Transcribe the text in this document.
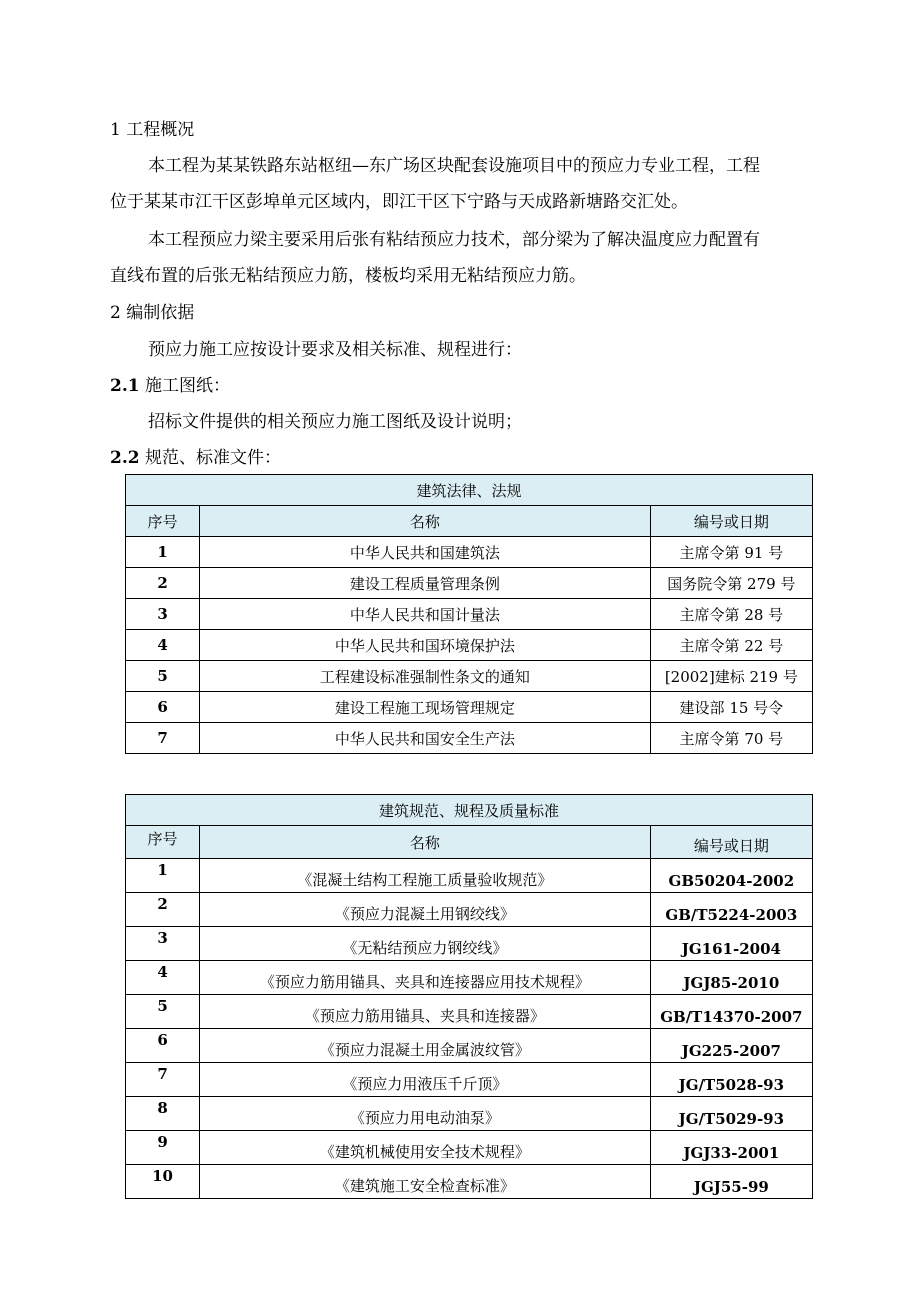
1 工程概况
本工程为某某铁路东站枢纽—东广场区块配套设施项目中的预应力专业工程，工程
位于某某市江干区彭埠单元区域内，即江干区下宁路与天成路新塘路交汇处。
本工程预应力梁主要采用后张有粘结预应力技术，部分梁为了解决温度应力配置有
直线布置的后张无粘结预应力筋，楼板均采用无粘结预应力筋。
2 编制依据
预应力施工应按设计要求及相关标准、规程进行：
2.1 施工图纸：
招标文件提供的相关预应力施工图纸及设计说明；
2.2 规范、标准文件：
建筑法律、法规		
序号	名称	编号或日期
1	中华人民共和国建筑法	主席令第 91 号
2	建设工程质量管理条例	国务院令第 279 号
3	中华人民共和国计量法	主席令第 28 号
4	中华人民共和国环境保护法	主席令第 22 号
5	工程建设标准强制性条文的通知	[2002]建标 219 号
6	建设工程施工现场管理规定	建设部 15 号令
7	中华人民共和国安全生产法	主席令第 70 号
建筑规范、规程及质量标准		
序号	名称	编号或日期
1	《混凝土结构工程施工质量验收规范》	GB50204-2002
2	《预应力混凝土用钢绞线》	GB/T5224-2003
3	《无粘结预应力钢绞线》	JG161-2004
4	《预应力筋用锚具、夹具和连接器应用技术规程》	JGJ85-2010
5	《预应力筋用锚具、夹具和连接器》	GB/T14370-2007
6	《预应力混凝土用金属波纹管》	JG225-2007
7	《预应力用液压千斤顶》	JG/T5028-93
8	《预应力用电动油泵》	JG/T5029-93
9	《建筑机械使用安全技术规程》	JGJ33-2001
10	《建筑施工安全检查标准》	JGJ55-99
